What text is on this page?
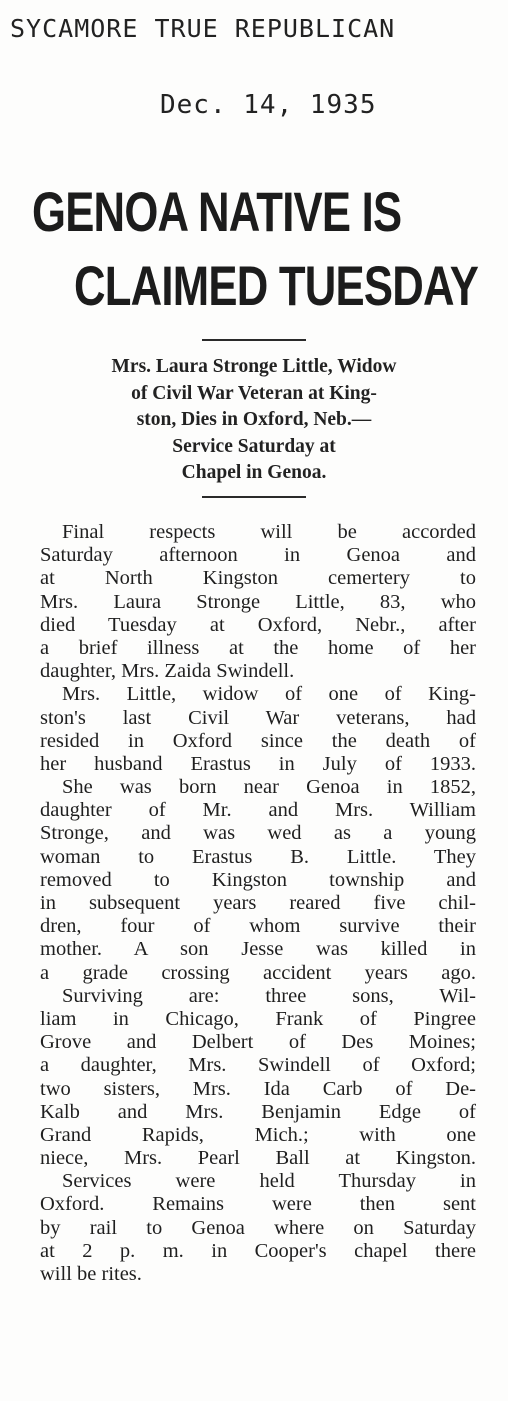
SYCAMORE TRUE REPUBLICAN
Dec. 14, 1935
GENOA NATIVE IS
CLAIMED TUESDAY
Mrs. Laura Stronge Little, Widow
of Civil War Veteran at King-
ston, Dies in Oxford, Neb.—
Service Saturday at
Chapel in Genoa.
Final respects will be accorded
Saturday afternoon in Genoa and
at North Kingston cemertery to
Mrs. Laura Stronge Little, 83, who
died Tuesday at Oxford, Nebr., after
a brief illness at the home of her
daughter, Mrs. Zaida Swindell.
Mrs. Little, widow of one of King-
ston's last Civil War veterans, had
resided in Oxford since the death of
her husband Erastus in July of 1933.
She was born near Genoa in 1852,
daughter of Mr. and Mrs. William
Stronge, and was wed as a young
woman to Erastus B. Little. They
removed to Kingston township and
in subsequent years reared five chil-
dren, four of whom survive their
mother. A son Jesse was killed in
a grade crossing accident years ago.
Surviving are: three sons, Wil-
liam in Chicago, Frank of Pingree
Grove and Delbert of Des Moines;
a daughter, Mrs. Swindell of Oxford;
two sisters, Mrs. Ida Carb of De-
Kalb and Mrs. Benjamin Edge of
Grand Rapids, Mich.; with one
niece, Mrs. Pearl Ball at Kingston.
Services were held Thursday in
Oxford. Remains were then sent
by rail to Genoa where on Saturday
at 2 p. m. in Cooper's chapel there
will be rites.
